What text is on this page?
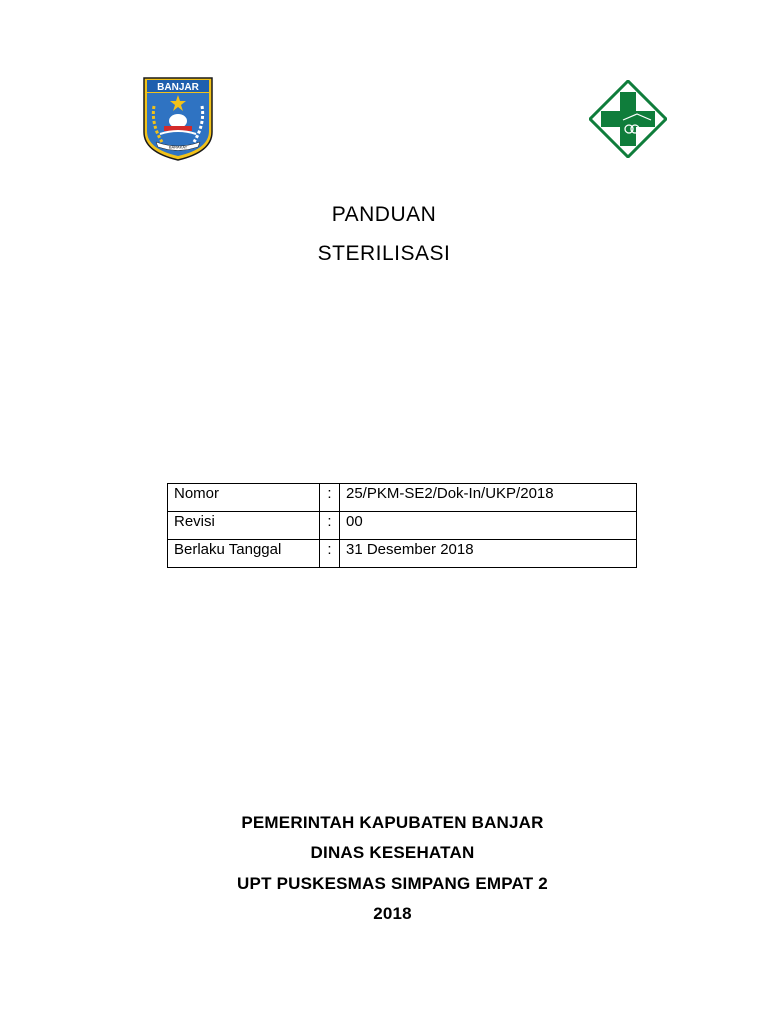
BANJAR
BARAKAT
PANDUAN
STERILISASI
Nomor	:	25/PKM-SE2/Dok-In/UKP/2018
Revisi	:	00
Berlaku Tanggal	:	31 Desember 2018
PEMERINTAH KAPUBATEN BANJAR
DINAS KESEHATAN
UPT PUSKESMAS SIMPANG EMPAT 2
2018
